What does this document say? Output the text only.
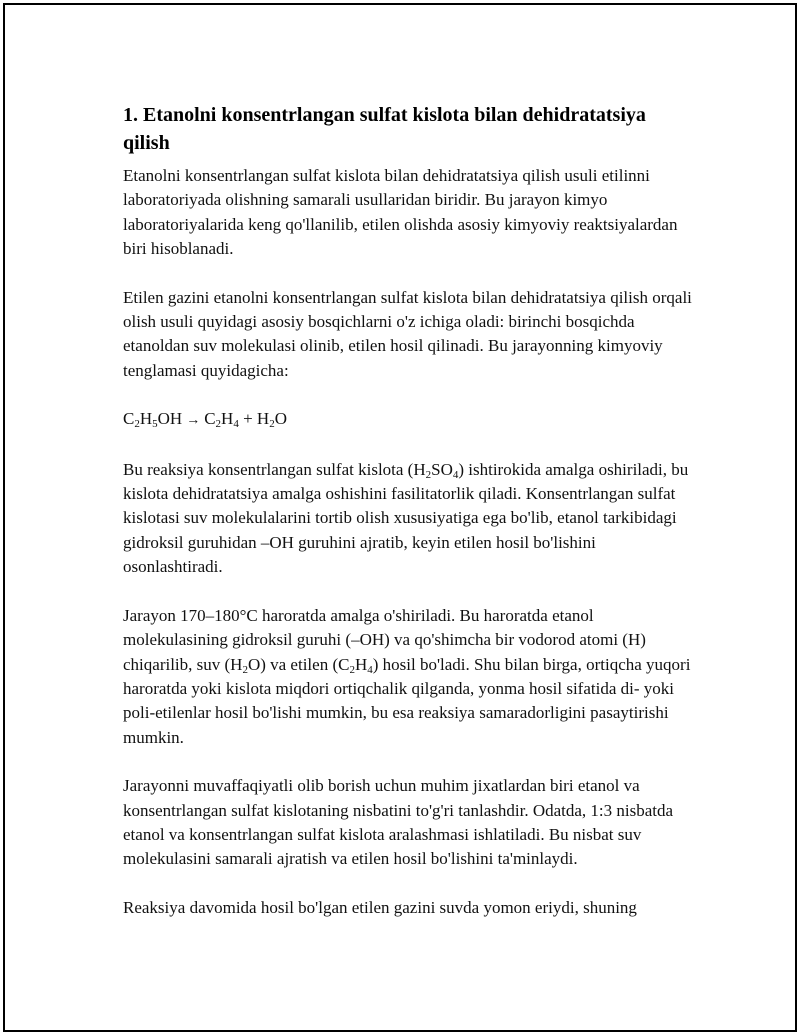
1. Etanolni konsentrlangan sulfat kislota bilan dehidratatsiya qilish

Etanolni konsentrlangan sulfat kislota bilan dehidratatsiya qilish usuli etilinni laboratoriyada olishning samarali usullaridan biridir. Bu jarayon kimyo laboratoriyalarida keng qo'llanilib, etilen olishda asosiy kimyoviy reaktsiyalardan biri hisoblanadi.

Etilen gazini etanolni konsentrlangan sulfat kislota bilan dehidratatsiya qilish orqali olish usuli quyidagi asosiy bosqichlarni o'z ichiga oladi: birinchi bosqichda etanoldan suv molekulasi olinib, etilen hosil qilinadi. Bu jarayonning kimyoviy tenglamasi quyidagicha:

$C_2H_5OH \to C_2H_4 + H_2O$

Bu reaksiya konsentrlangan sulfat kislota $(H_2SO_4)$ ishtirokida amalga oshiriladi, bu kislota dehidratatsiya amalga oshishini fasilitatorlik qiladi. Konsentrlangan sulfat kislotasi suv molekulalarini tortib olish xususiyatiga ega bo'lib, etanol tarkibidagi gidroksil guruhidan –OH guruhini ajratib, keyin etilen hosil bo'lishini osonlashtiradi.

Jarayon 170–180°C haroratda amalga o'shiriladi. Bu haroratda etanol molekulasining gidroksil guruhi (–OH) va qo'shimcha bir vodorod atomi (H) chiqarilib, suv $(H_2O)$ va etilen $(C_2H_4)$ hosil bo'ladi. Shu bilan birga, ortiqcha yuqori haroratda yoki kislota miqdori ortiqchalik qilganda, yonma hosil sifatida di- yoki poli-etilenlar hosil bo'lishi mumkin, bu esa reaksiya samaradorligini pasaytirishi mumkin.

Jarayonni muvaffaqiyatli olib borish uchun muhim jixatlardan biri etanol va konsentrlangan sulfat kislotaning nisbatini to'g'ri tanlashdir. Odatda, 1:3 nisbatda etanol va konsentrlangan sulfat kislota aralashmasi ishlatiladi. Bu nisbat suv molekulasini samarali ajratish va etilen hosil bo'lishini ta'minlaydi.

Reaksiya davomida hosil bo'lgan etilen gazini suvda yomon eriydi, shuning
